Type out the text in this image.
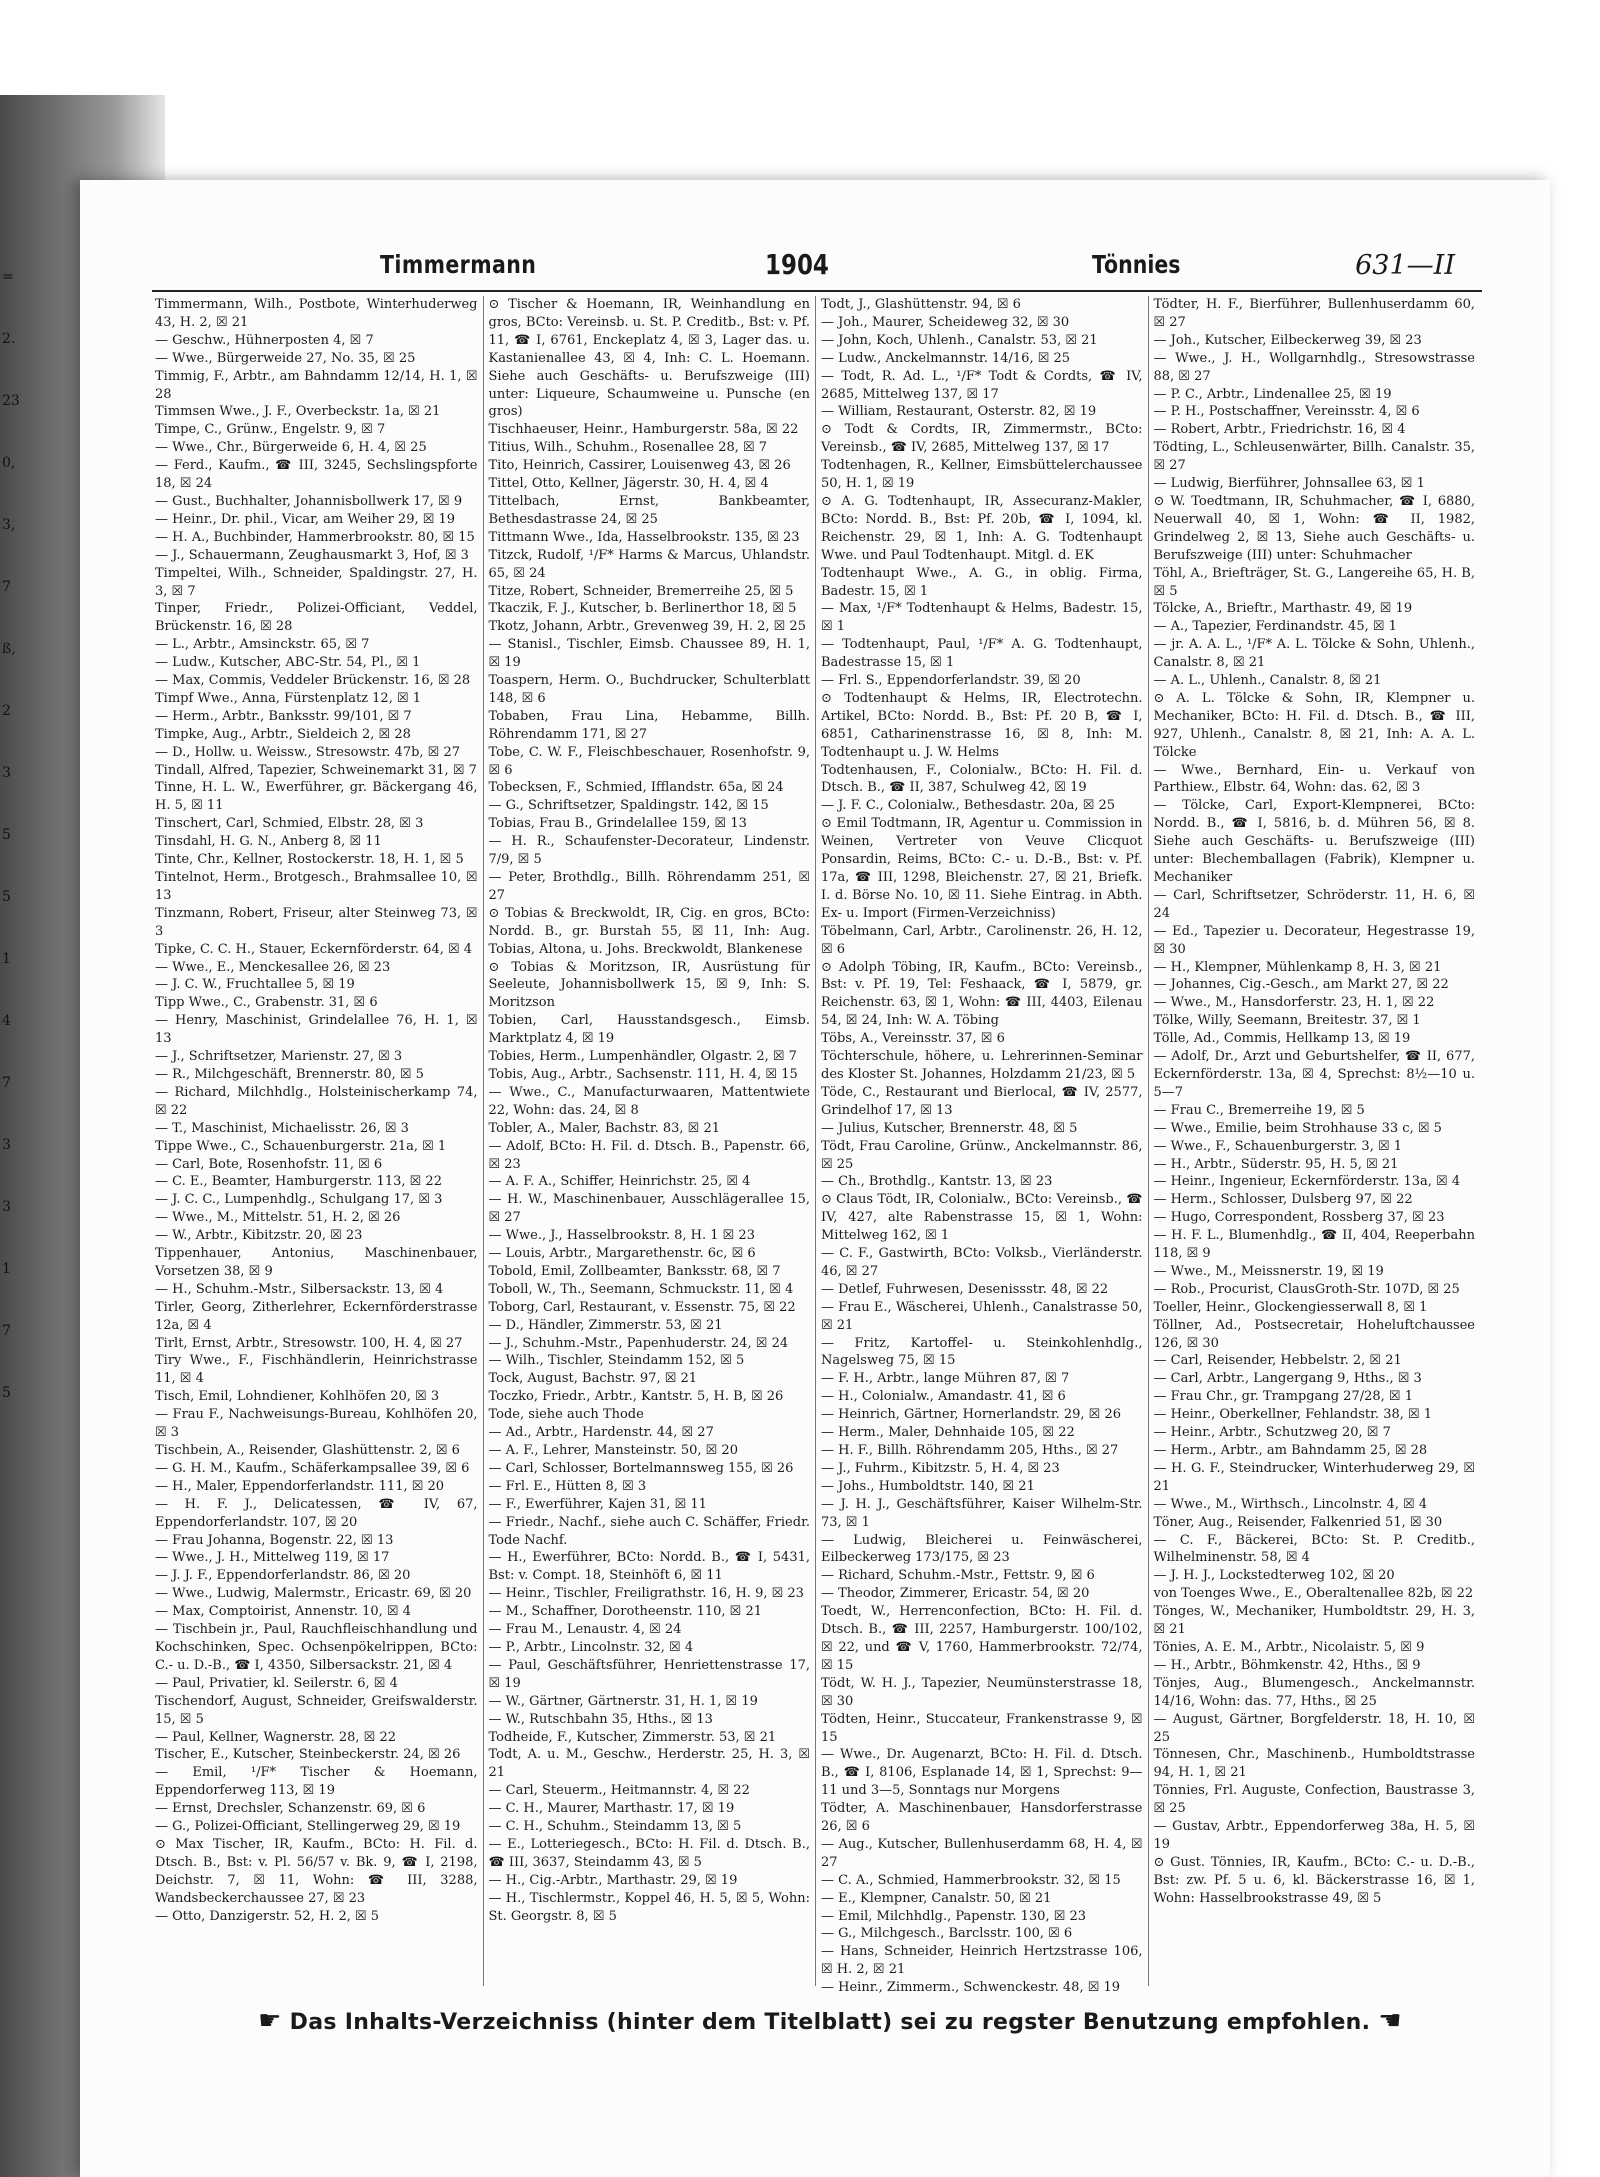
=
2.
23
0,
3,
7
ß,
2
3
5
5
1
4
7
3
3
1
7
5
Timmermann	1904	Tönnies	631—II

Timmermann, Wilh., Postbote, Winterhuderweg 43, H. 2, ☒ 21

— Geschw., Hühnerposten 4, ☒ 7

— Wwe., Bürgerweide 27, No. 35, ☒ 25

Timmig, F., Arbtr., am Bahndamm 12/14, H. 1, ☒ 28

Timmsen Wwe., J. F., Overbeckstr. 1a, ☒ 21

Timpe, C., Grünw., Engelstr. 9, ☒ 7

— Wwe., Chr., Bürgerweide 6, H. 4, ☒ 25

— Ferd., Kaufm., ☎ III, 3245, Sechslingspforte 18, ☒ 24

— Gust., Buchhalter, Johannisbollwerk 17, ☒ 9

— Heinr., Dr. phil., Vicar, am Weiher 29, ☒ 19

— H. A., Buchbinder, Hammerbrookstr. 80, ☒ 15

— J., Schauermann, Zeughausmarkt 3, Hof, ☒ 3

Timpeltei, Wilh., Schneider, Spaldingstr. 27, H. 3, ☒ 7

Tinper, Friedr., Polizei-Officiant, Veddel, Brückenstr. 16, ☒ 28

— L., Arbtr., Amsinckstr. 65, ☒ 7

— Ludw., Kutscher, ABC-Str. 54, Pl., ☒ 1

— Max, Commis, Veddeler Brückenstr. 16, ☒ 28

Timpf Wwe., Anna, Fürstenplatz 12, ☒ 1

— Herm., Arbtr., Banksstr. 99/101, ☒ 7

Timpke, Aug., Arbtr., Sieldeich 2, ☒ 28

— D., Hollw. u. Weissw., Stresowstr. 47b, ☒ 27

Tindall, Alfred, Tapezier, Schweinemarkt 31, ☒ 7

Tinne, H. L. W., Ewerführer, gr. Bäckergang 46, H. 5, ☒ 11

Tinschert, Carl, Schmied, Elbstr. 28, ☒ 3

Tinsdahl, H. G. N., Anberg 8, ☒ 11

Tinte, Chr., Kellner, Rostockerstr. 18, H. 1, ☒ 5

Tintelnot, Herm., Brotgesch., Brahmsallee 10, ☒ 13

Tinzmann, Robert, Friseur, alter Steinweg 73, ☒ 3

Tipke, C. C. H., Stauer, Eckernförderstr. 64, ☒ 4

— Wwe., E., Menckesallee 26, ☒ 23

— J. C. W., Fruchtallee 5, ☒ 19

Tipp Wwe., C., Grabenstr. 31, ☒ 6

— Henry, Maschinist, Grindelallee 76, H. 1, ☒ 13

— J., Schriftsetzer, Marienstr. 27, ☒ 3

— R., Milchgeschäft, Brennerstr. 80, ☒ 5

— Richard, Milchhdlg., Holsteinischerkamp 74, ☒ 22

— T., Maschinist, Michaelisstr. 26, ☒ 3

Tippe Wwe., C., Schauenburgerstr. 21a, ☒ 1

— Carl, Bote, Rosenhofstr. 11, ☒ 6

— C. E., Beamter, Hamburgerstr. 113, ☒ 22

— J. C. C., Lumpenhdlg., Schulgang 17, ☒ 3

— Wwe., M., Mittelstr. 51, H. 2, ☒ 26

— W., Arbtr., Kibitzstr. 20, ☒ 23

Tippenhauer, Antonius, Maschinenbauer, Vorsetzen 38, ☒ 9

— H., Schuhm.-Mstr., Silbersackstr. 13, ☒ 4

Tirler, Georg, Zitherlehrer, Eckernförderstrasse 12a, ☒ 4

Tirlt, Ernst, Arbtr., Stresowstr. 100, H. 4, ☒ 27

Tiry Wwe., F., Fischhändlerin, Heinrichstrasse 11, ☒ 4

Tisch, Emil, Lohndiener, Kohlhöfen 20, ☒ 3

— Frau F., Nachweisungs-Bureau, Kohlhöfen 20, ☒ 3

Tischbein, A., Reisender, Glashüttenstr. 2, ☒ 6

— G. H. M., Kaufm., Schäferkampsallee 39, ☒ 6

— H., Maler, Eppendorferlandstr. 111, ☒ 20

— H. F. J., Delicatessen, ☎ IV, 67, Eppendorferlandstr. 107, ☒ 20

— Frau Johanna, Bogenstr. 22, ☒ 13

— Wwe., J. H., Mittelweg 119, ☒ 17

— J. J. F., Eppendorferlandstr. 86, ☒ 20

— Wwe., Ludwig, Malermstr., Ericastr. 69, ☒ 20

— Max, Comptoirist, Annenstr. 10, ☒ 4

— Tischbein jr., Paul, Rauchfleischhandlung und Kochschinken, Spec. Ochsenpökelrippen, BCto: C.- u. D.-B., ☎ I, 4350, Silbersackstr. 21, ☒ 4

— Paul, Privatier, kl. Seilerstr. 6, ☒ 4

Tischendorf, August, Schneider, Greifswalderstr. 15, ☒ 5

— Paul, Kellner, Wagnerstr. 28, ☒ 22

Tischer, E., Kutscher, Steinbeckerstr. 24, ☒ 26

— Emil, ¹/F* Tischer & Hoemann, Eppendorferweg 113, ☒ 19

— Ernst, Drechsler, Schanzenstr. 69, ☒ 6

— G., Polizei-Officiant, Stellingerweg 29, ☒ 19

⊙ Max Tischer, IR, Kaufm., BCto: H. Fil. d. Dtsch. B., Bst: v. Pl. 56/57 v. Bk. 9, ☎ I, 2198, Deichstr. 7, ☒ 11, Wohn: ☎ III, 3288, Wandsbeckerchaussee 27, ☒ 23

— Otto, Danzigerstr. 52, H. 2, ☒ 5

⊙ Tischer & Hoemann, IR, Weinhandlung en gros, BCto: Vereinsb. u. St. P. Creditb., Bst: v. Pf. 11, ☎ I, 6761, Enckeplatz 4, ☒ 3, Lager das. u. Kastanienallee 43, ☒ 4, Inh: C. L. Hoemann. Siehe auch Geschäfts- u. Berufszweige (III) unter: Liqueure, Schaumweine u. Punsche (en gros)

Tischhaeuser, Heinr., Hamburgerstr. 58a, ☒ 22

Titius, Wilh., Schuhm., Rosenallee 28, ☒ 7

Tito, Heinrich, Cassirer, Louisenweg 43, ☒ 26

Tittel, Otto, Kellner, Jägerstr. 30, H. 4, ☒ 4

Tittelbach, Ernst, Bankbeamter, Bethesdastrasse 24, ☒ 25

Tittmann Wwe., Ida, Hasselbrookstr. 135, ☒ 23

Titzck, Rudolf, ¹/F* Harms & Marcus, Uhlandstr. 65, ☒ 24

Titze, Robert, Schneider, Bremerreihe 25, ☒ 5

Tkaczik, F. J., Kutscher, b. Berlinerthor 18, ☒ 5

Tkotz, Johann, Arbtr., Grevenweg 39, H. 2, ☒ 25

— Stanisl., Tischler, Eimsb. Chaussee 89, H. 1, ☒ 19

Toaspern, Herm. O., Buchdrucker, Schulterblatt 148, ☒ 6

Tobaben, Frau Lina, Hebamme, Billh. Röhrendamm 171, ☒ 27

Tobe, C. W. F., Fleischbeschauer, Rosenhofstr. 9, ☒ 6

Tobecksen, F., Schmied, Ifflandstr. 65a, ☒ 24

— G., Schriftsetzer, Spaldingstr. 142, ☒ 15

Tobias, Frau B., Grindelallee 159, ☒ 13

— H. R., Schaufenster-Decorateur, Lindenstr. 7/9, ☒ 5

— Peter, Brothdlg., Billh. Röhrendamm 251, ☒ 27

⊙ Tobias & Breckwoldt, IR, Cig. en gros, BCto: Nordd. B., gr. Burstah 55, ☒ 11, Inh: Aug. Tobias, Altona, u. Johs. Breckwoldt, Blankenese

⊙ Tobias & Moritzson, IR, Ausrüstung für Seeleute, Johannisbollwerk 15, ☒ 9, Inh: S. Moritzson

Tobien, Carl, Hausstandsgesch., Eimsb. Marktplatz 4, ☒ 19

Tobies, Herm., Lumpenhändler, Olgastr. 2, ☒ 7

Tobis, Aug., Arbtr., Sachsenstr. 111, H. 4, ☒ 15

— Wwe., C., Manufacturwaaren, Mattentwiete 22, Wohn: das. 24, ☒ 8

Tobler, A., Maler, Bachstr. 83, ☒ 21

— Adolf, BCto: H. Fil. d. Dtsch. B., Papenstr. 66, ☒ 23

— A. F. A., Schiffer, Heinrichstr. 25, ☒ 4

— H. W., Maschinenbauer, Ausschlägerallee 15, ☒ 27

— Wwe., J., Hasselbrookstr. 8, H. 1 ☒ 23

— Louis, Arbtr., Margarethenstr. 6c, ☒ 6

Tobold, Emil, Zollbeamter, Banksstr. 68, ☒ 7

Toboll, W., Th., Seemann, Schmuckstr. 11, ☒ 4

Toborg, Carl, Restaurant, v. Essenstr. 75, ☒ 22

— D., Händler, Zimmerstr. 53, ☒ 21

— J., Schuhm.-Mstr., Papenhuderstr. 24, ☒ 24

— Wilh., Tischler, Steindamm 152, ☒ 5

Tock, August, Bachstr. 97, ☒ 21

Toczko, Friedr., Arbtr., Kantstr. 5, H. B, ☒ 26

Tode, siehe auch Thode

— Ad., Arbtr., Hardenstr. 44, ☒ 27

— A. F., Lehrer, Mansteinstr. 50, ☒ 20

— Carl, Schlosser, Bortelmannsweg 155, ☒ 26

— Frl. E., Hütten 8, ☒ 3

— F., Ewerführer, Kajen 31, ☒ 11

— Friedr., Nachf., siehe auch C. Schäffer, Friedr. Tode Nachf.

— H., Ewerführer, BCto: Nordd. B., ☎ I, 5431, Bst: v. Compt. 18, Steinhöft 6, ☒ 11

— Heinr., Tischler, Freiligrathstr. 16, H. 9, ☒ 23

— M., Schaffner, Dorotheenstr. 110, ☒ 21

— Frau M., Lenaustr. 4, ☒ 24

— P., Arbtr., Lincolnstr. 32, ☒ 4

— Paul, Geschäftsführer, Henriettenstrasse 17, ☒ 19

— W., Gärtner, Gärtnerstr. 31, H. 1, ☒ 19

— W., Rutschbahn 35, Hths., ☒ 13

Todheide, F., Kutscher, Zimmerstr. 53, ☒ 21

Todt, A. u. M., Geschw., Herderstr. 25, H. 3, ☒ 21

— Carl, Steuerm., Heitmannstr. 4, ☒ 22

— C. H., Maurer, Marthastr. 17, ☒ 19

— C. H., Schuhm., Steindamm 13, ☒ 5

— E., Lotteriegesch., BCto: H. Fil. d. Dtsch. B., ☎ III, 3637, Steindamm 43, ☒ 5

— H., Cig.-Arbtr., Marthastr. 29, ☒ 19

— H., Tischlermstr., Koppel 46, H. 5, ☒ 5, Wohn: St. Georgstr. 8, ☒ 5

Todt, J., Glashüttenstr. 94, ☒ 6

— Joh., Maurer, Scheideweg 32, ☒ 30

— John, Koch, Uhlenh., Canalstr. 53, ☒ 21

— Ludw., Anckelmannstr. 14/16, ☒ 25

— Todt, R. Ad. L., ¹/F* Todt & Cordts, ☎ IV, 2685, Mittelweg 137, ☒ 17

— William, Restaurant, Osterstr. 82, ☒ 19

⊙ Todt & Cordts, IR, Zimmermstr., BCto: Vereinsb., ☎ IV, 2685, Mittelweg 137, ☒ 17

Todtenhagen, R., Kellner, Eimsbüttelerchaussee 50, H. 1, ☒ 19

⊙ A. G. Todtenhaupt, IR, Assecuranz-Makler, BCto: Nordd. B., Bst: Pf. 20b, ☎ I, 1094, kl. Reichenstr. 29, ☒ 1, Inh: A. G. Todtenhaupt Wwe. und Paul Todtenhaupt. Mitgl. d. EK

Todtenhaupt Wwe., A. G., in oblig. Firma, Badestr. 15, ☒ 1

— Max, ¹/F* Todtenhaupt & Helms, Badestr. 15, ☒ 1

— Todtenhaupt, Paul, ¹/F* A. G. Todtenhaupt, Badestrasse 15, ☒ 1

— Frl. S., Eppendorferlandstr. 39, ☒ 20

⊙ Todtenhaupt & Helms, IR, Electrotechn. Artikel, BCto: Nordd. B., Bst: Pf. 20 B, ☎ I, 6851, Catharinenstrasse 16, ☒ 8, Inh: M. Todtenhaupt u. J. W. Helms

Todtenhausen, F., Colonialw., BCto: H. Fil. d. Dtsch. B., ☎ II, 387, Schulweg 42, ☒ 19

— J. F. C., Colonialw., Bethesdastr. 20a, ☒ 25

⊙ Emil Todtmann, IR, Agentur u. Commission in Weinen, Vertreter von Veuve Clicquot Ponsardin, Reims, BCto: C.- u. D.-B., Bst: v. Pf. 17a, ☎ III, 1298, Bleichenstr. 27, ☒ 21, Briefk. I. d. Börse No. 10, ☒ 11. Siehe Eintrag. in Abth. Ex- u. Import (Firmen-Verzeichniss)

Töbelmann, Carl, Arbtr., Carolinenstr. 26, H. 12, ☒ 6

⊙ Adolph Töbing, IR, Kaufm., BCto: Vereinsb., Bst: v. Pf. 19, Tel: Feshaack, ☎ I, 5879, gr. Reichenstr. 63, ☒ 1, Wohn: ☎ III, 4403, Eilenau 54, ☒ 24, Inh: W. A. Töbing

Töbs, A., Vereinsstr. 37, ☒ 6

Töchterschule, höhere, u. Lehrerinnen-Seminar des Kloster St. Johannes, Holzdamm 21/23, ☒ 5

Töde, C., Restaurant und Bierlocal, ☎ IV, 2577, Grindelhof 17, ☒ 13

— Julius, Kutscher, Brennerstr. 48, ☒ 5

Tödt, Frau Caroline, Grünw., Anckelmannstr. 86, ☒ 25

— Ch., Brothdlg., Kantstr. 13, ☒ 23

⊙ Claus Tödt, IR, Colonialw., BCto: Vereinsb., ☎ IV, 427, alte Rabenstrasse 15, ☒ 1, Wohn: Mittelweg 162, ☒ 1

— C. F., Gastwirth, BCto: Volksb., Vierländerstr. 46, ☒ 27

— Detlef, Fuhrwesen, Desenissstr. 48, ☒ 22

— Frau E., Wäscherei, Uhlenh., Canalstrasse 50, ☒ 21

— Fritz, Kartoffel- u. Steinkohlenhdlg., Nagelsweg 75, ☒ 15

— F. H., Arbtr., lange Mühren 87, ☒ 7

— H., Colonialw., Amandastr. 41, ☒ 6

— Heinrich, Gärtner, Hornerlandstr. 29, ☒ 26

— Herm., Maler, Dehnhaide 105, ☒ 22

— H. F., Billh. Röhrendamm 205, Hths., ☒ 27

— J., Fuhrm., Kibitzstr. 5, H. 4, ☒ 23

— Johs., Humboldtstr. 140, ☒ 21

— J. H. J., Geschäftsführer, Kaiser Wilhelm-Str. 73, ☒ 1

— Ludwig, Bleicherei u. Feinwäscherei, Eilbeckerweg 173/175, ☒ 23

— Richard, Schuhm.-Mstr., Fettstr. 9, ☒ 6

— Theodor, Zimmerer, Ericastr. 54, ☒ 20

Toedt, W., Herrenconfection, BCto: H. Fil. d. Dtsch. B., ☎ III, 2257, Hamburgerstr. 100/102, ☒ 22, und ☎ V, 1760, Hammerbrookstr. 72/74, ☒ 15

Tödt, W. H. J., Tapezier, Neumünsterstrasse 18, ☒ 30

Tödten, Heinr., Stuccateur, Frankenstrasse 9, ☒ 15

— Wwe., Dr. Augenarzt, BCto: H. Fil. d. Dtsch. B., ☎ I, 8106, Esplanade 14, ☒ 1, Sprechst: 9—11 und 3—5, Sonntags nur Morgens

Tödter, A. Maschinenbauer, Hansdorferstrasse 26, ☒ 6

— Aug., Kutscher, Bullenhuserdamm 68, H. 4, ☒ 27

— C. A., Schmied, Hammerbrookstr. 32, ☒ 15

— E., Klempner, Canalstr. 50, ☒ 21

— Emil, Milchhdlg., Papenstr. 130, ☒ 23

— G., Milchgesch., Barclsstr. 100, ☒ 6

— Hans, Schneider, Heinrich Hertzstrasse 106, ☒ H. 2, ☒ 21

— Heinr., Zimmerm., Schwenckestr. 48, ☒ 19

Tödter, H. F., Bierführer, Bullenhuserdamm 60, ☒ 27

— Joh., Kutscher, Eilbeckerweg 39, ☒ 23

— Wwe., J. H., Wollgarnhdlg., Stresowstrasse 88, ☒ 27

— P. C., Arbtr., Lindenallee 25, ☒ 19

— P. H., Postschaffner, Vereinsstr. 4, ☒ 6

— Robert, Arbtr., Friedrichstr. 16, ☒ 4

Tödting, L., Schleusenwärter, Billh. Canalstr. 35, ☒ 27

— Ludwig, Bierführer, Johnsallee 63, ☒ 1

⊙ W. Toedtmann, IR, Schuhmacher, ☎ I, 6880, Neuerwall 40, ☒ 1, Wohn: ☎ II, 1982, Grindelweg 2, ☒ 13, Siehe auch Geschäfts- u. Berufszweige (III) unter: Schuhmacher

Töhl, A., Briefträger, St. G., Langereihe 65, H. B, ☒ 5

Tölcke, A., Brieftr., Marthastr. 49, ☒ 19

— A., Tapezier, Ferdinandstr. 45, ☒ 1

— jr. A. A. L., ¹/F* A. L. Tölcke & Sohn, Uhlenh., Canalstr. 8, ☒ 21

— A. L., Uhlenh., Canalstr. 8, ☒ 21

⊙ A. L. Tölcke & Sohn, IR, Klempner u. Mechaniker, BCto: H. Fil. d. Dtsch. B., ☎ III, 927, Uhlenh., Canalstr. 8, ☒ 21, Inh: A. A. L. Tölcke

— Wwe., Bernhard, Ein- u. Verkauf von Parthiew., Elbstr. 64, Wohn: das. 62, ☒ 3

— Tölcke, Carl, Export-Klempnerei, BCto: Nordd. B., ☎ I, 5816, b. d. Mühren 56, ☒ 8. Siehe auch Geschäfts- u. Berufszweige (III) unter: Blechemballagen (Fabrik), Klempner u. Mechaniker

— Carl, Schriftsetzer, Schröderstr. 11, H. 6, ☒ 24

— Ed., Tapezier u. Decorateur, Hegestrasse 19, ☒ 30

— H., Klempner, Mühlenkamp 8, H. 3, ☒ 21

— Johannes, Cig.-Gesch., am Markt 27, ☒ 22

— Wwe., M., Hansdorferstr. 23, H. 1, ☒ 22

Tölke, Willy, Seemann, Breitestr. 37, ☒ 1

Tölle, Ad., Commis, Hellkamp 13, ☒ 19

— Adolf, Dr., Arzt und Geburtshelfer, ☎ II, 677, Eckernförderstr. 13a, ☒ 4, Sprechst: 8½—10 u. 5—7

— Frau C., Bremerreihe 19, ☒ 5

— Wwe., Emilie, beim Strohhause 33 c, ☒ 5

— Wwe., F., Schauenburgerstr. 3, ☒ 1

— H., Arbtr., Süderstr. 95, H. 5, ☒ 21

— Heinr., Ingenieur, Eckernförderstr. 13a, ☒ 4

— Herm., Schlosser, Dulsberg 97, ☒ 22

— Hugo, Correspondent, Rossberg 37, ☒ 23

— H. F. L., Blumenhdlg., ☎ II, 404, Reeperbahn 118, ☒ 9

— Wwe., M., Meissnerstr. 19, ☒ 19

— Rob., Procurist, ClausGroth-Str. 107D, ☒ 25

Toeller, Heinr., Glockengiesserwall 8, ☒ 1

Töllner, Ad., Postsecretair, Hoheluftchaussee 126, ☒ 30

— Carl, Reisender, Hebbelstr. 2, ☒ 21

— Carl, Arbtr., Langergang 9, Hths., ☒ 3

— Frau Chr., gr. Trampgang 27/28, ☒ 1

— Heinr., Oberkellner, Fehlandstr. 38, ☒ 1

— Heinr., Arbtr., Schutzweg 20, ☒ 7

— Herm., Arbtr., am Bahndamm 25, ☒ 28

— H. G. F., Steindrucker, Winterhuderweg 29, ☒ 21

— Wwe., M., Wirthsch., Lincolnstr. 4, ☒ 4

Töner, Aug., Reisender, Falkenried 51, ☒ 30

— C. F., Bäckerei, BCto: St. P. Creditb., Wilhelminenstr. 58, ☒ 4

— J. H. J., Lockstedterweg 102, ☒ 20

von Toenges Wwe., E., Oberaltenallee 82b, ☒ 22

Tönges, W., Mechaniker, Humboldtstr. 29, H. 3, ☒ 21

Tönies, A. E. M., Arbtr., Nicolaistr. 5, ☒ 9

— H., Arbtr., Böhmkenstr. 42, Hths., ☒ 9

Tönjes, Aug., Blumengesch., Anckelmannstr. 14/16, Wohn: das. 77, Hths., ☒ 25

— August, Gärtner, Borgfelderstr. 18, H. 10, ☒ 25

Tönnesen, Chr., Maschinenb., Humboldtstrasse 94, H. 1, ☒ 21

Tönnies, Frl. Auguste, Confection, Baustrasse 3, ☒ 25

— Gustav, Arbtr., Eppendorferweg 38a, H. 5, ☒ 19

⊙ Gust. Tönnies, IR, Kaufm., BCto: C.- u. D.-B., Bst: zw. Pf. 5 u. 6, kl. Bäckerstrasse 16, ☒ 1, Wohn: Hasselbrookstrasse 49, ☒ 5

☛ Das Inhalts-Verzeichniss (hinter dem Titelblatt) sei zu regster Benutzung empfohlen. ☚
